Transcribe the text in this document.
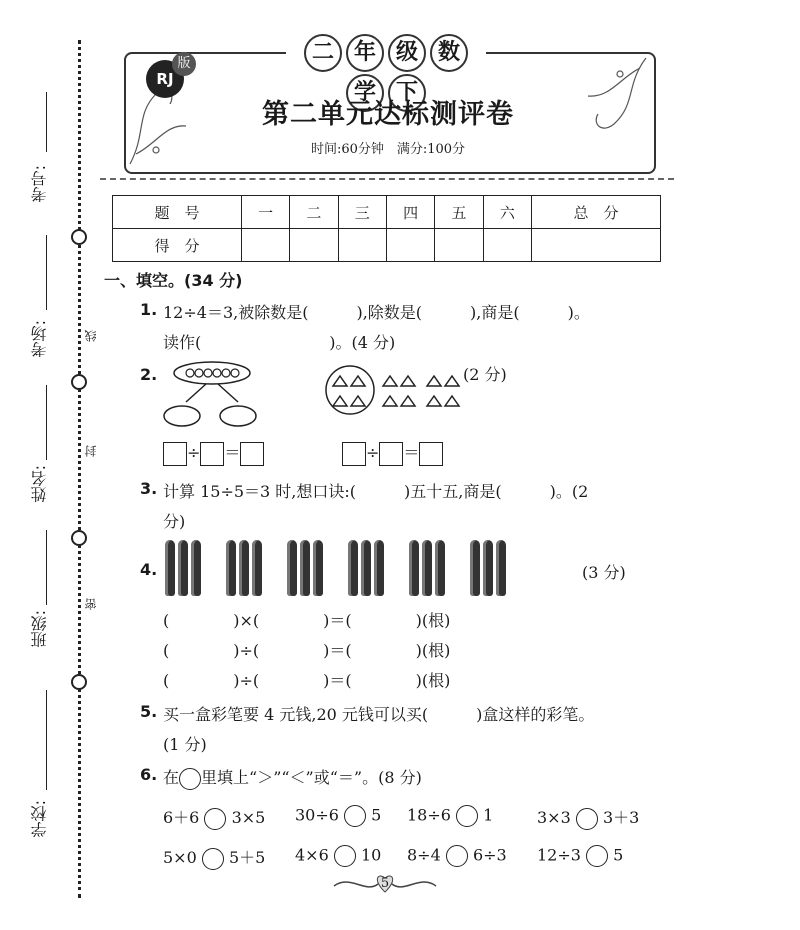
考号:
考场:
姓名:
班级:
学校:
线
封
密
二 年 级 数学 下
RJ
版
第二单元达标测评卷
时间:60分钟　满分:100分
题　号	一	二	三	四	五	六	总　分
得　分							
一、填空。(34 分)
1. 12÷4＝3,被除数是(　　　),除数是(　　　),商是(　　　)。
读作(　　　　　　　　)。(4 分)
2.	(2 分)
÷ ＝	÷ ＝
3. 计算 15÷5＝3 时,想口诀:(　　　)五十五,商是(　　　)。(2
分)
4.	(3 分)
(　　　　)×(　　　　)＝(　　　　)(根)
(　　　　)÷(　　　　)＝(　　　　)(根)
(　　　　)÷(　　　　)＝(　　　　)(根)
5. 买一盒彩笔要 4 元钱,20 元钱可以买(　　　)盒这样的彩笔。
(1 分)
6. 在 里填上“＞”“＜”或“＝”。(8 分)
6＋6 3×5 30÷6 5 18÷6 1	3×3 3＋3
5×0 5＋5 4×6 10 8÷4 6÷3 12÷3 5
5
